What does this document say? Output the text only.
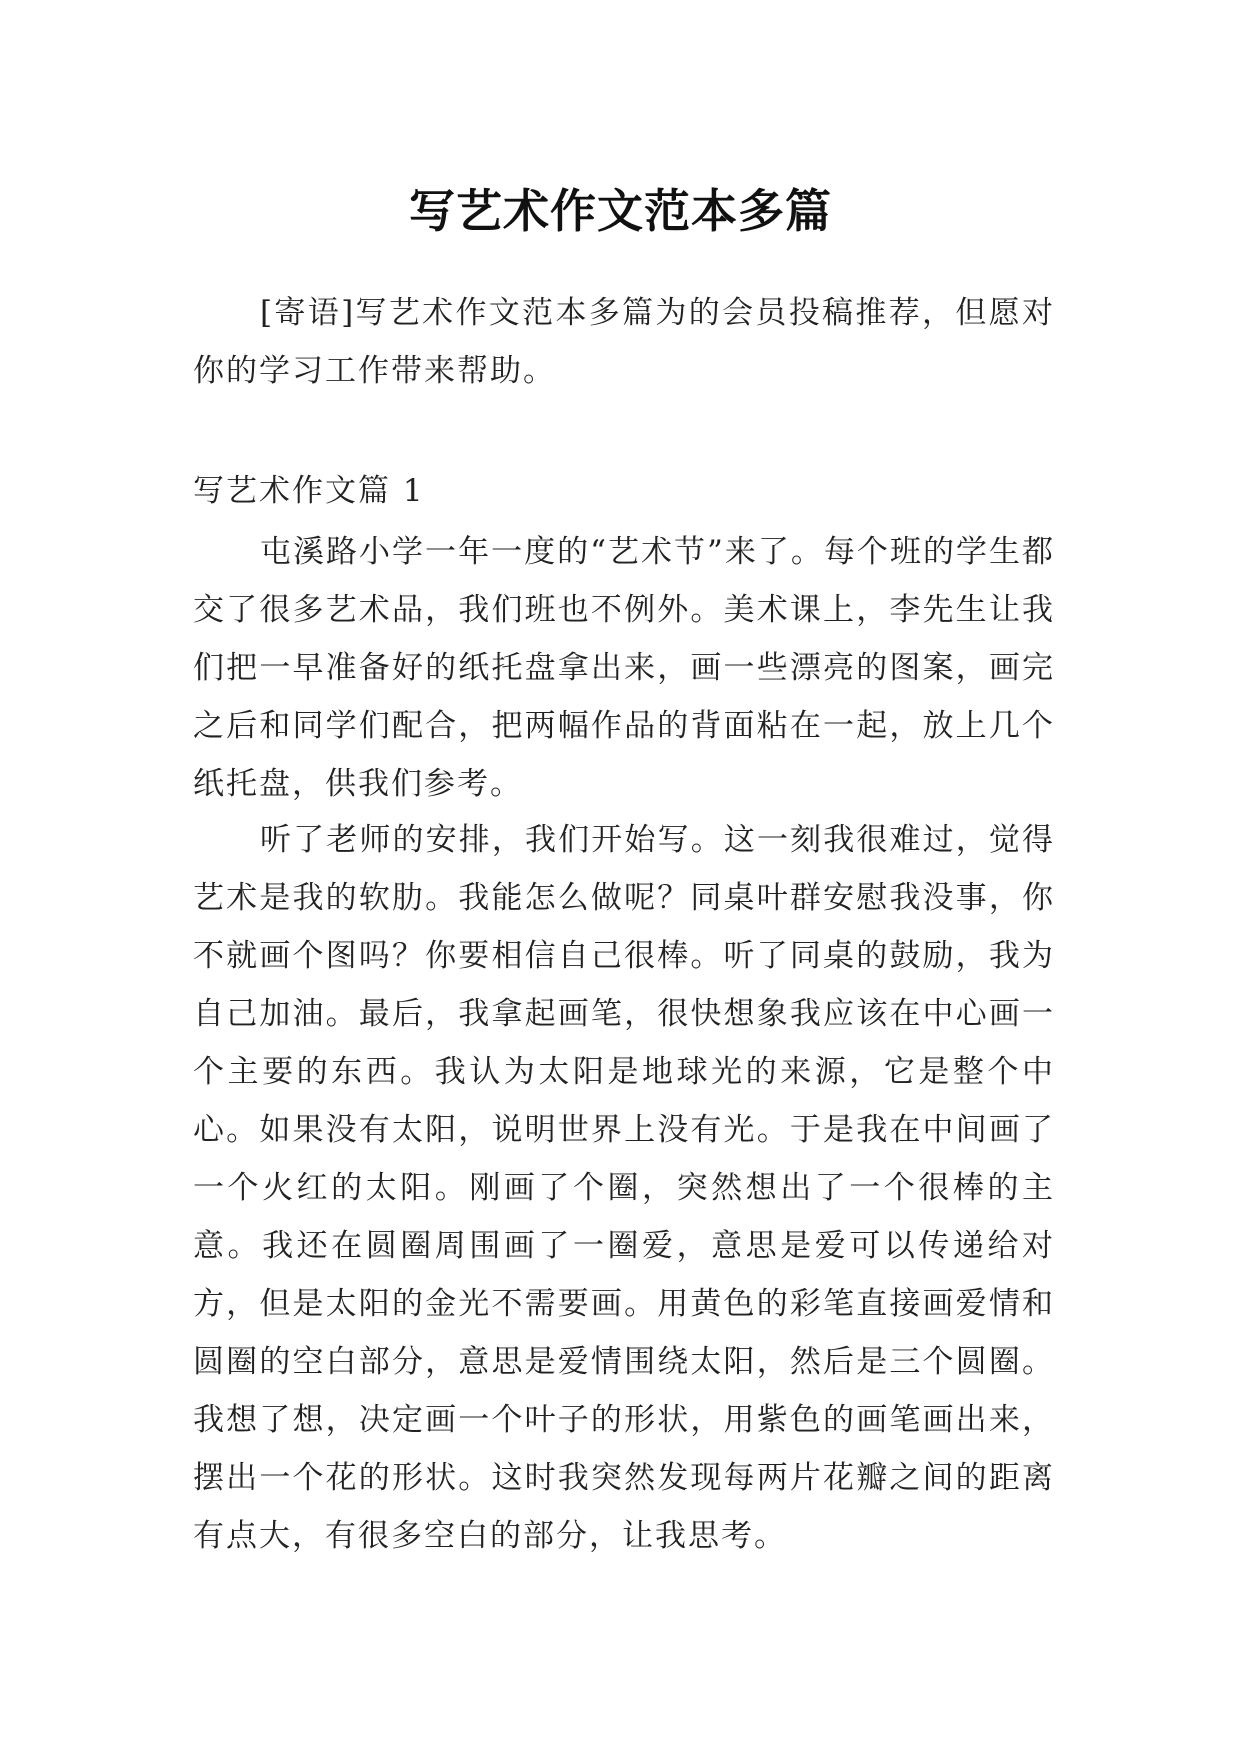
写艺术作文范本多篇

[寄语]写艺术作文范本多篇为的会员投稿推荐，但愿对你的学习工作带来帮助。

写艺术作文篇 1

屯溪路小学一年一度的“艺术节”来了。每个班的学生都交了很多艺术品，我们班也不例外。美术课上，李先生让我们把一早准备好的纸托盘拿出来，画一些漂亮的图案，画完之后和同学们配合，把两幅作品的背面粘在一起，放上几个纸托盘，供我们参考。

听了老师的安排，我们开始写。这一刻我很难过，觉得艺术是我的软肋。我能怎么做呢？同桌叶群安慰我没事，你不就画个图吗？你要相信自己很棒。听了同桌的鼓励，我为自己加油。最后，我拿起画笔，很快想象我应该在中心画一个主要的东西。我认为太阳是地球光的来源，它是整个中心。如果没有太阳，说明世界上没有光。于是我在中间画了一个火红的太阳。刚画了个圈，突然想出了一个很棒的主意。我还在圆圈周围画了一圈爱，意思是爱可以传递给对方，但是太阳的金光不需要画。用黄色的彩笔直接画爱情和圆圈的空白部分，意思是爱情围绕太阳，然后是三个圆圈。我想了想，决定画一个叶子的形状，用紫色的画笔画出来，摆出一个花的形状。这时我突然发现每两片花瓣之间的距离有点大，有很多空白的部分，让我思考。
